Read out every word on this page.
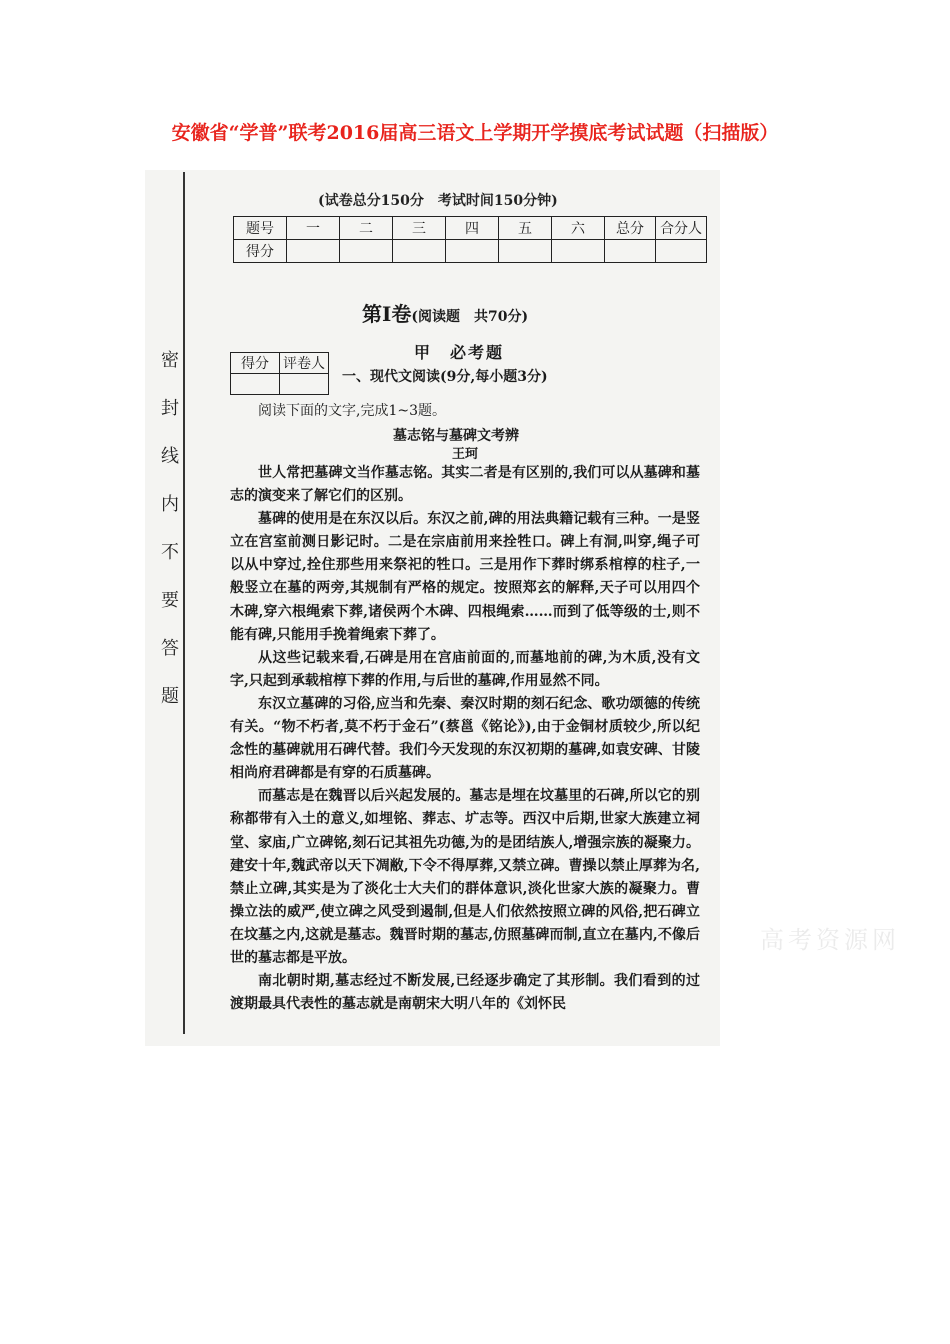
安徽省“学普”联考2016届高三语文上学期开学摸底考试试题（扫描版）
密封线内不要答题
(试卷总分150分　考试时间150分钟)
题号	一	二	三	四	五	六	总分	合分人
得分								
第Ⅰ卷(阅读题　共70分)
甲　必考题
得分	评卷人

一、现代文阅读(9分,每小题3分)
阅读下面的文字,完成1~3题。
墓志铭与墓碑文考辨
王珂

世人常把墓碑文当作墓志铭。其实二者是有区别的,我们可以从墓碑和墓志的演变来了解它们的区别。

墓碑的使用是在东汉以后。东汉之前,碑的用法典籍记载有三种。一是竖立在宫室前测日影记时。二是在宗庙前用来拴牲口。碑上有洞,叫穿,绳子可以从中穿过,拴住那些用来祭祀的牲口。三是用作下葬时绑系棺椁的柱子,一般竖立在墓的两旁,其规制有严格的规定。按照郑玄的解释,天子可以用四个木碑,穿六根绳索下葬,诸侯两个木碑、四根绳索……而到了低等级的士,则不能有碑,只能用手挽着绳索下葬了。

从这些记载来看,石碑是用在宫庙前面的,而墓地前的碑,为木质,没有文字,只起到承载棺椁下葬的作用,与后世的墓碑,作用显然不同。

东汉立墓碑的习俗,应当和先秦、秦汉时期的刻石纪念、歌功颂德的传统有关。“物不朽者,莫不朽于金石”(蔡邕《铭论》),由于金铜材质较少,所以纪念性的墓碑就用石碑代替。我们今天发现的东汉初期的墓碑,如袁安碑、甘陵相尚府君碑都是有穿的石质墓碑。

而墓志是在魏晋以后兴起发展的。墓志是埋在坟墓里的石碑,所以它的别称都带有入土的意义,如埋铭、葬志、圹志等。西汉中后期,世家大族建立祠堂、家庙,广立碑铭,刻石记其祖先功德,为的是团结族人,增强宗族的凝聚力。建安十年,魏武帝以天下凋敝,下令不得厚葬,又禁立碑。曹操以禁止厚葬为名,禁止立碑,其实是为了淡化士大夫们的群体意识,淡化世家大族的凝聚力。曹操立法的威严,使立碑之风受到遏制,但是人们依然按照立碑的风俗,把石碑立在坟墓之内,这就是墓志。魏晋时期的墓志,仿照墓碑而制,直立在墓内,不像后世的墓志都是平放。

南北朝时期,墓志经过不断发展,已经逐步确定了其形制。我们看到的过渡期最具代表性的墓志就是南朝宋大明八年的《刘怀民

高考资源网
